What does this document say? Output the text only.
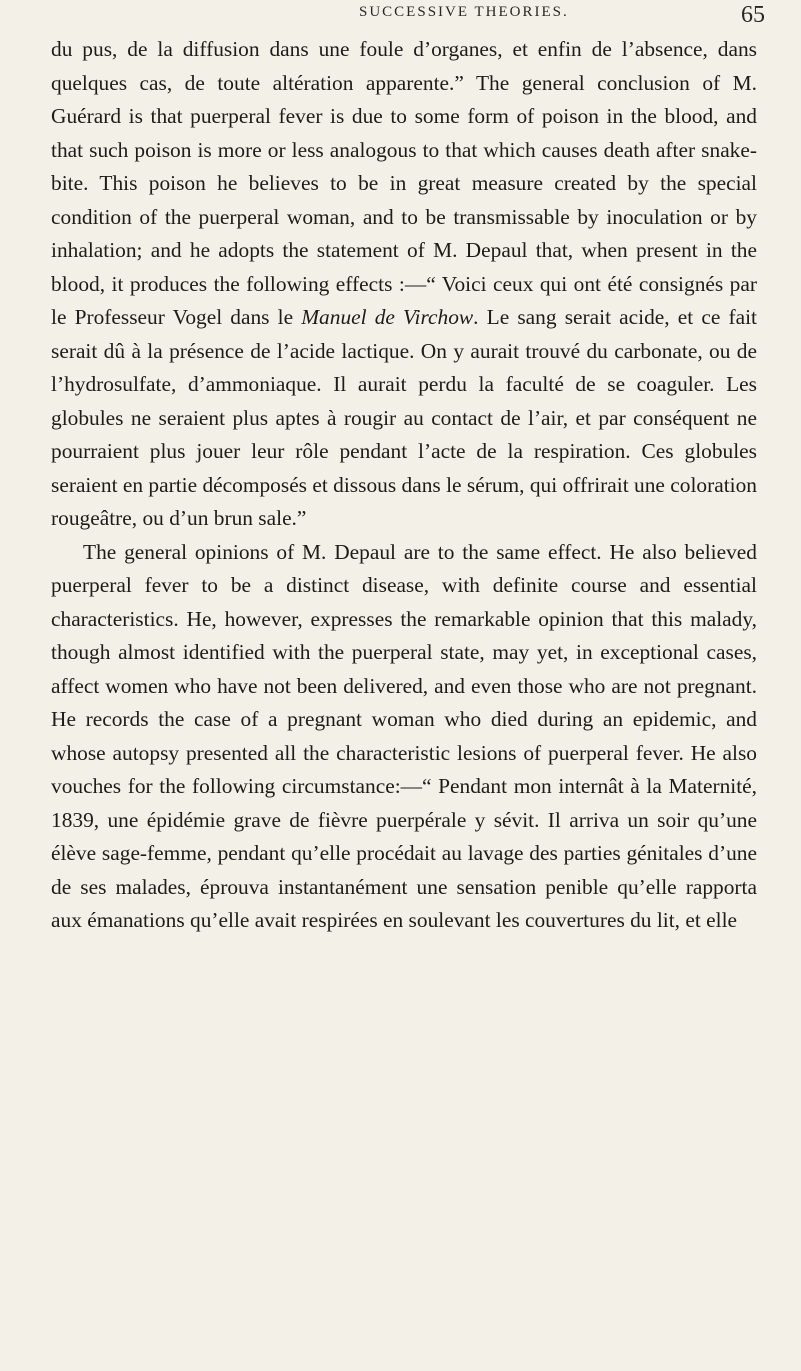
SUCCESSIVE THEORIES.	65

du pus, de la diffusion dans une foule d’organes, et enfin de l’absence, dans quelques cas, de toute altération apparente.” The general conclusion of M. Guérard is that puerperal fever is due to some form of poison in the blood, and that such poison is more or less analogous to that which causes death after snake-bite. This poison he believes to be in great measure created by the special condition of the puerperal woman, and to be transmissable by inoculation or by inhalation; and he adopts the statement of M. Depaul that, when present in the blood, it produces the following effects :—“ Voici ceux qui ont été consignés par le Professeur Vogel dans le Manuel de Virchow. Le sang serait acide, et ce fait serait dû à la présence de l’acide lactique. On y aurait trouvé du carbonate, ou de l’hydrosulfate, d’ammoniaque. Il aurait perdu la faculté de se coaguler. Les globules ne seraient plus aptes à rougir au contact de l’air, et par conséquent ne pourraient plus jouer leur rôle pendant l’acte de la respiration. Ces globules seraient en partie décomposés et dissous dans le sérum, qui offrirait une coloration rougeâtre, ou d’un brun sale.”

The general opinions of M. Depaul are to the same effect. He also believed puerperal fever to be a distinct disease, with definite course and essential characteristics. He, however, expresses the remarkable opinion that this malady, though almost identified with the puerperal state, may yet, in exceptional cases, affect women who have not been delivered, and even those who are not pregnant. He records the case of a pregnant woman who died during an epidemic, and whose autopsy presented all the characteristic lesions of puerperal fever. He also vouches for the following circumstance:—“ Pendant mon internât à la Maternité, 1839, une épidémie grave de fièvre puerpérale y sévit. Il arriva un soir qu’une élève sage-femme, pendant qu’elle procédait au lavage des parties génitales d’une de ses malades, éprouva instantanément une sensation penible qu’elle rapporta aux émanations qu’elle avait respirées en soulevant les couvertures du lit, et elle
